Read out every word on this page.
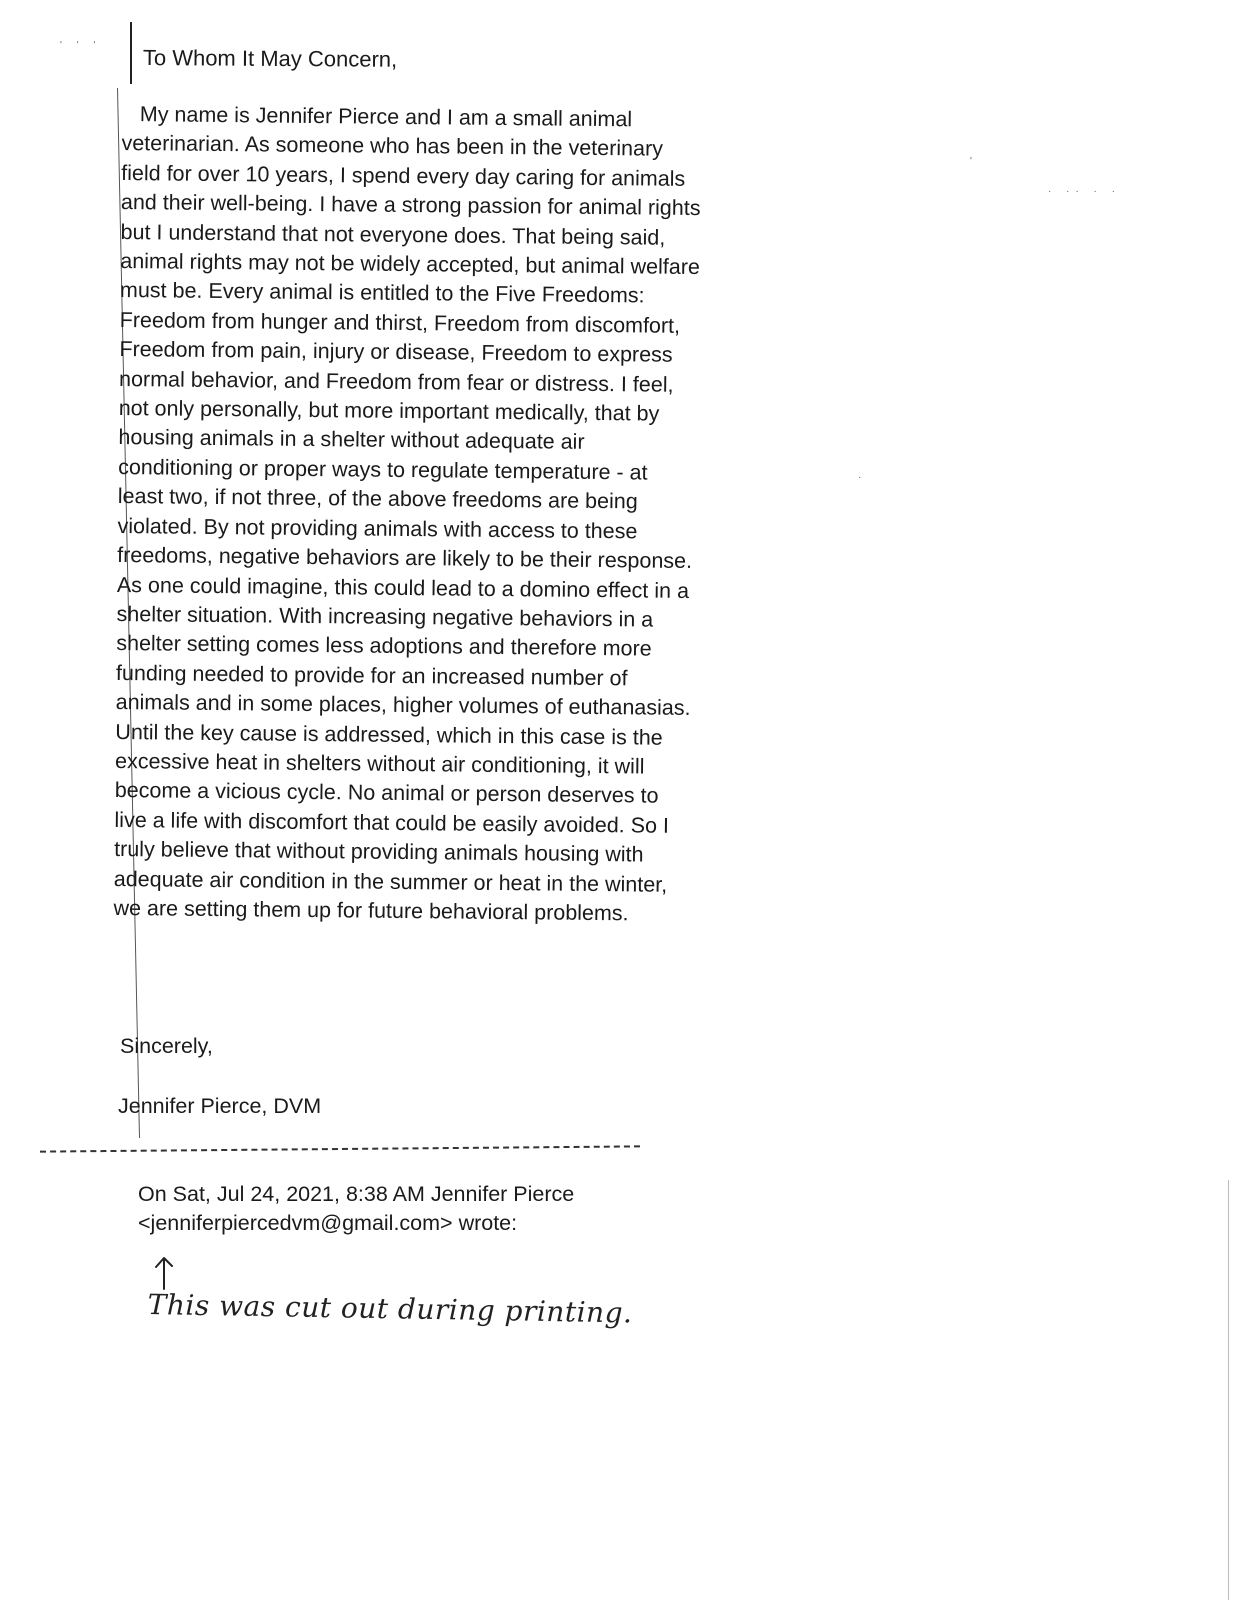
' ' '
· ·· · ·
'
·

To Whom It May Concern,

My name is Jennifer Pierce and I am a small animal veterinarian. As someone who has been in the veterinary field for over 10 years, I spend every day caring for animals and their well-being. I have a strong passion for animal rights but I understand that not everyone does. That being said, animal rights may not be widely accepted, but animal welfare must be. Every animal is entitled to the Five Freedoms: Freedom from hunger and thirst, Freedom from discomfort, Freedom from pain, injury or disease, Freedom to express normal behavior, and Freedom from fear or distress. I feel, not only personally, but more important medically, that by housing animals in a shelter without adequate air conditioning or proper ways to regulate temperature - at least two, if not three, of the above freedoms are being violated. By not providing animals with access to these freedoms, negative behaviors are likely to be their response. As one could imagine, this could lead to a domino effect in a shelter situation. With increasing negative behaviors in a shelter setting comes less adoptions and therefore more funding needed to provide for an increased number of animals and in some places, higher volumes of euthanasias. Until the key cause is addressed, which in this case is the excessive heat in shelters without air conditioning, it will become a vicious cycle. No animal or person deserves to live a life with discomfort that could be easily avoided. So I truly believe that without providing animals housing with adequate air condition in the summer or heat in the winter, we are setting them up for future behavioral problems.

Sincerely,

Jennifer Pierce, DVM

On Sat, Jul 24, 2021, 8:38 AM Jennifer Pierce
<jenniferpiercedvm@gmail.com> wrote:

This was cut out during printing.
